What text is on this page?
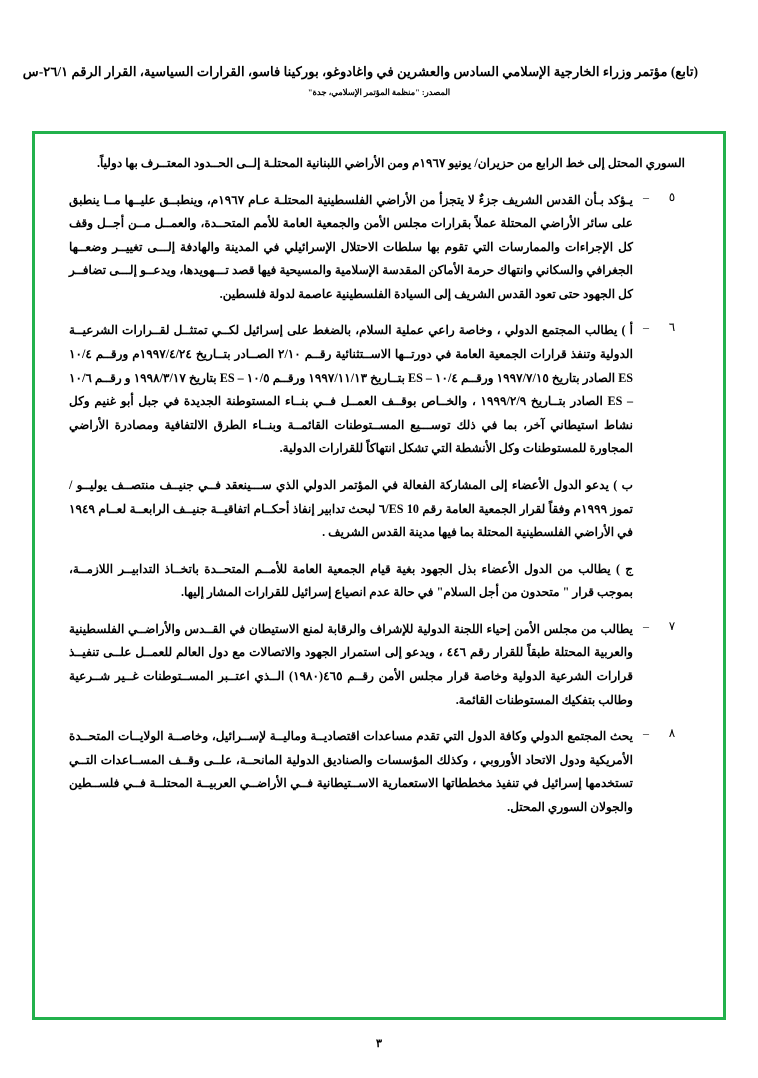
(تابع) مؤتمر وزراء الخارجية الإسلامي السادس والعشرين في واغادوغو، بوركينا فاسو، القرارات السياسية، القرار الرقم ٢٦/١-س
المصدر: "منظمة المؤتمر الإسلامي، جدة"
السوري المحتل إلى خط الرابع من حزيران/ يونيو ١٩٦٧م ومن الأراضي اللبنانية المحتلـة إلــى الحــدود المعتــرف بها دولياً.
٥
–
يـؤكد بـأن القدس الشريف جزءٌ لا يتجزأ من الأراضي الفلسطينية المحتلـة عـام ١٩٦٧م، وينطبــق عليــها مــا ينطبق على سائر الأراضي المحتلة عملاً بقرارات مجلس الأمن والجمعية العامة للأمم المتحــدة، والعمــل مــن أجــل وقف كل الإجراءات والممارسات التي تقوم بها سلطات الاحتلال الإسرائيلي في المدينة والهادفة إلـــى تغييــر وضعــها الجغرافي والسكاني وانتهاك حرمة الأماكن المقدسة الإسلامية والمسيحية فيها قصد تـــهويدها، ويدعــو إلـــى تضافــر كل الجهود حتى تعود القدس الشريف إلى السيادة الفلسطينية عاصمة لدولة فلسطين.
٦
–
أ ) يطالب المجتمع الدولي ، وخاصة راعي عملية السلام، بالضغط على إسرائيل لكــي تمتثــل لقــرارات الشرعيــة الدولية وتنفذ قرارات الجمعية العامة في دورتــها الاســتثنائية رقــم ٢/١٠ الصــادر بتــاريخ ١٩٩٧/٤/٢٤م ورقــم ١٠/٤ ES الصادر بتاريخ ١٩٩٧/٧/١٥ ورقــم ١٠/٤ – ES بتــاريخ ١٩٩٧/١١/١٣ ورقــم ١٠/٥ – ES بتاريخ ١٩٩٨/٣/١٧ و رقــم ١٠/٦ – ES الصادر بتــاريخ ١٩٩٩/٢/٩ ، والخــاص بوقــف العمــل فــي بنــاء المستوطنة الجديدة في جبل أبو غنيم وكل نشاط استيطاني آخر، بما في ذلك توســـيع المســتوطنات القائمــة وبنــاء الطرق الالتفافية ومصادرة الأراضي المجاورة للمستوطنات وكل الأنشطة التي تشكل انتهاكاً للقرارات الدولية.
ب ) يدعو الدول الأعضاء إلى المشاركة الفعالة في المؤتمر الدولي الذي ســـينعقد فــي جنيــف منتصــف يوليــو / تموز ١٩٩٩م وفقاً لقرار الجمعية العامة رقم ES 10/٦ لبحث تدابير إنفاذ أحكــام اتفاقيــة جنيــف الرابعــة لعــام ١٩٤٩ في الأراضي الفلسطينية المحتلة بما فيها مدينة القدس الشريف .
ج ) يطالب من الدول الأعضاء بذل الجهود بغية قيام الجمعية العامة للأمــم المتحــدة باتخــاذ التدابيــر اللازمــة، بموجب قرار " متحدون من أجل السلام" في حالة عدم انصياع إسرائيل للقرارات المشار إليها.
٧
–
يطالب من مجلس الأمن إحياء اللجنة الدولية للإشراف والرقابة لمنع الاستيطان في القــدس والأراضــي الفلسطينية والعربية المحتلة طبقاً للقرار رقم ٤٤٦ ، ويدعو إلى استمرار الجهود والاتصالات مع دول العالم للعمــل علــى تنفيــذ قرارات الشرعية الدولية وخاصة قرار مجلس الأمن رقــم ٤٦٥(١٩٨٠) الــذي اعتــبر المســتوطنات غــير شــرعية وطالب بتفكيك المستوطنات القائمة.
٨
–
يحث المجتمع الدولي وكافة الدول التي تقدم مساعدات اقتصاديــة وماليــة لإســرائيل، وخاصــة الولايــات المتحــدة الأمريكية ودول الاتحاد الأوروبي ، وكذلك المؤسسات والصناديق الدولية المانحــة، علــى وقــف المســاعدات التــي تستخدمها إسرائيل في تنفيذ مخططاتها الاستعمارية الاســتيطانية فــي الأراضــي العربيــة المحتلــة فــي فلســطين والجولان السوري المحتل.
٣
